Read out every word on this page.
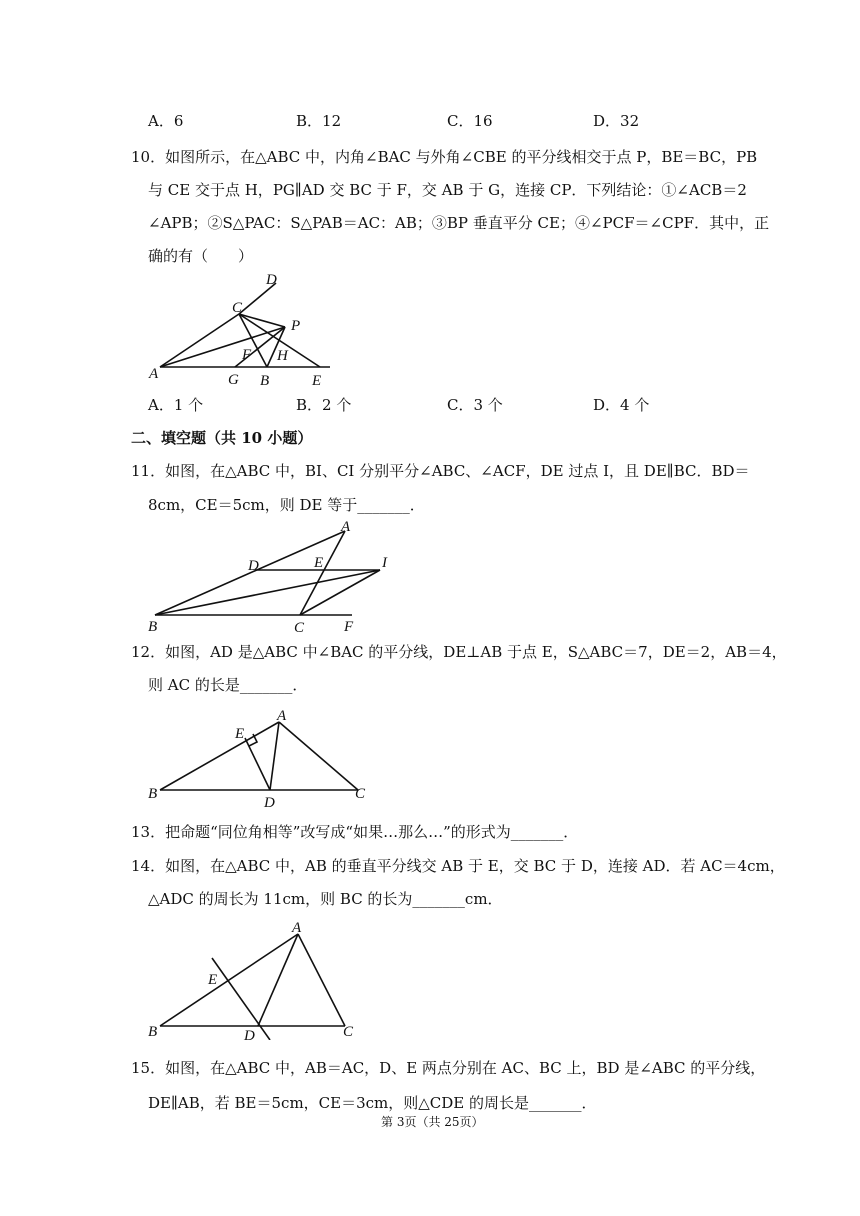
A．6	B．12	C．16	D．32
10．如图所示，在△ABC 中，内角∠BAC 与外角∠CBE 的平分线相交于点 P，BE＝BC，PB
与 CE 交于点 H，PG∥AD 交 BC 于 F，交 AB 于 G，连接 CP．下列结论：①∠ACB＝2
∠APB；②S△PAC：S△PAB＝AC：AB；③BP 垂直平分 CE；④∠PCF＝∠CPF．其中，正
确的有（　　）
D
C
P
F H
A	G B	E
A．1 个	B．2 个	C．3 个	D．4 个
二、填空题（共 10 小题）
11．如图，在△ABC 中，BI、CI 分别平分∠ABC、∠ACF，DE 过点 I，且 DE∥BC．BD＝
8cm，CE＝5cm，则 DE 等于_______．
A
D	E	I
B	C	F
12．如图，AD 是△ABC 中∠BAC 的平分线，DE⊥AB 于点 E，S△ABC＝7，DE＝2，AB＝4，
则 AC 的长是_______．
A
E
B
D
C
13．把命题“同位角相等”改写成“如果…那么…”的形式为_______．
14．如图，在△ABC 中，AB 的垂直平分线交 AB 于 E，交 BC 于 D，连接 AD．若 AC＝4cm，
△ADC 的周长为 11cm，则 BC 的长为_______cm．
A
E
B	D	C
15．如图，在△ABC 中，AB＝AC，D、E 两点分别在 AC、BC 上，BD 是∠ABC 的平分线，
DE∥AB，若 BE＝5cm，CE＝3cm，则△CDE 的周长是_______．
第 3页（共 25页）
